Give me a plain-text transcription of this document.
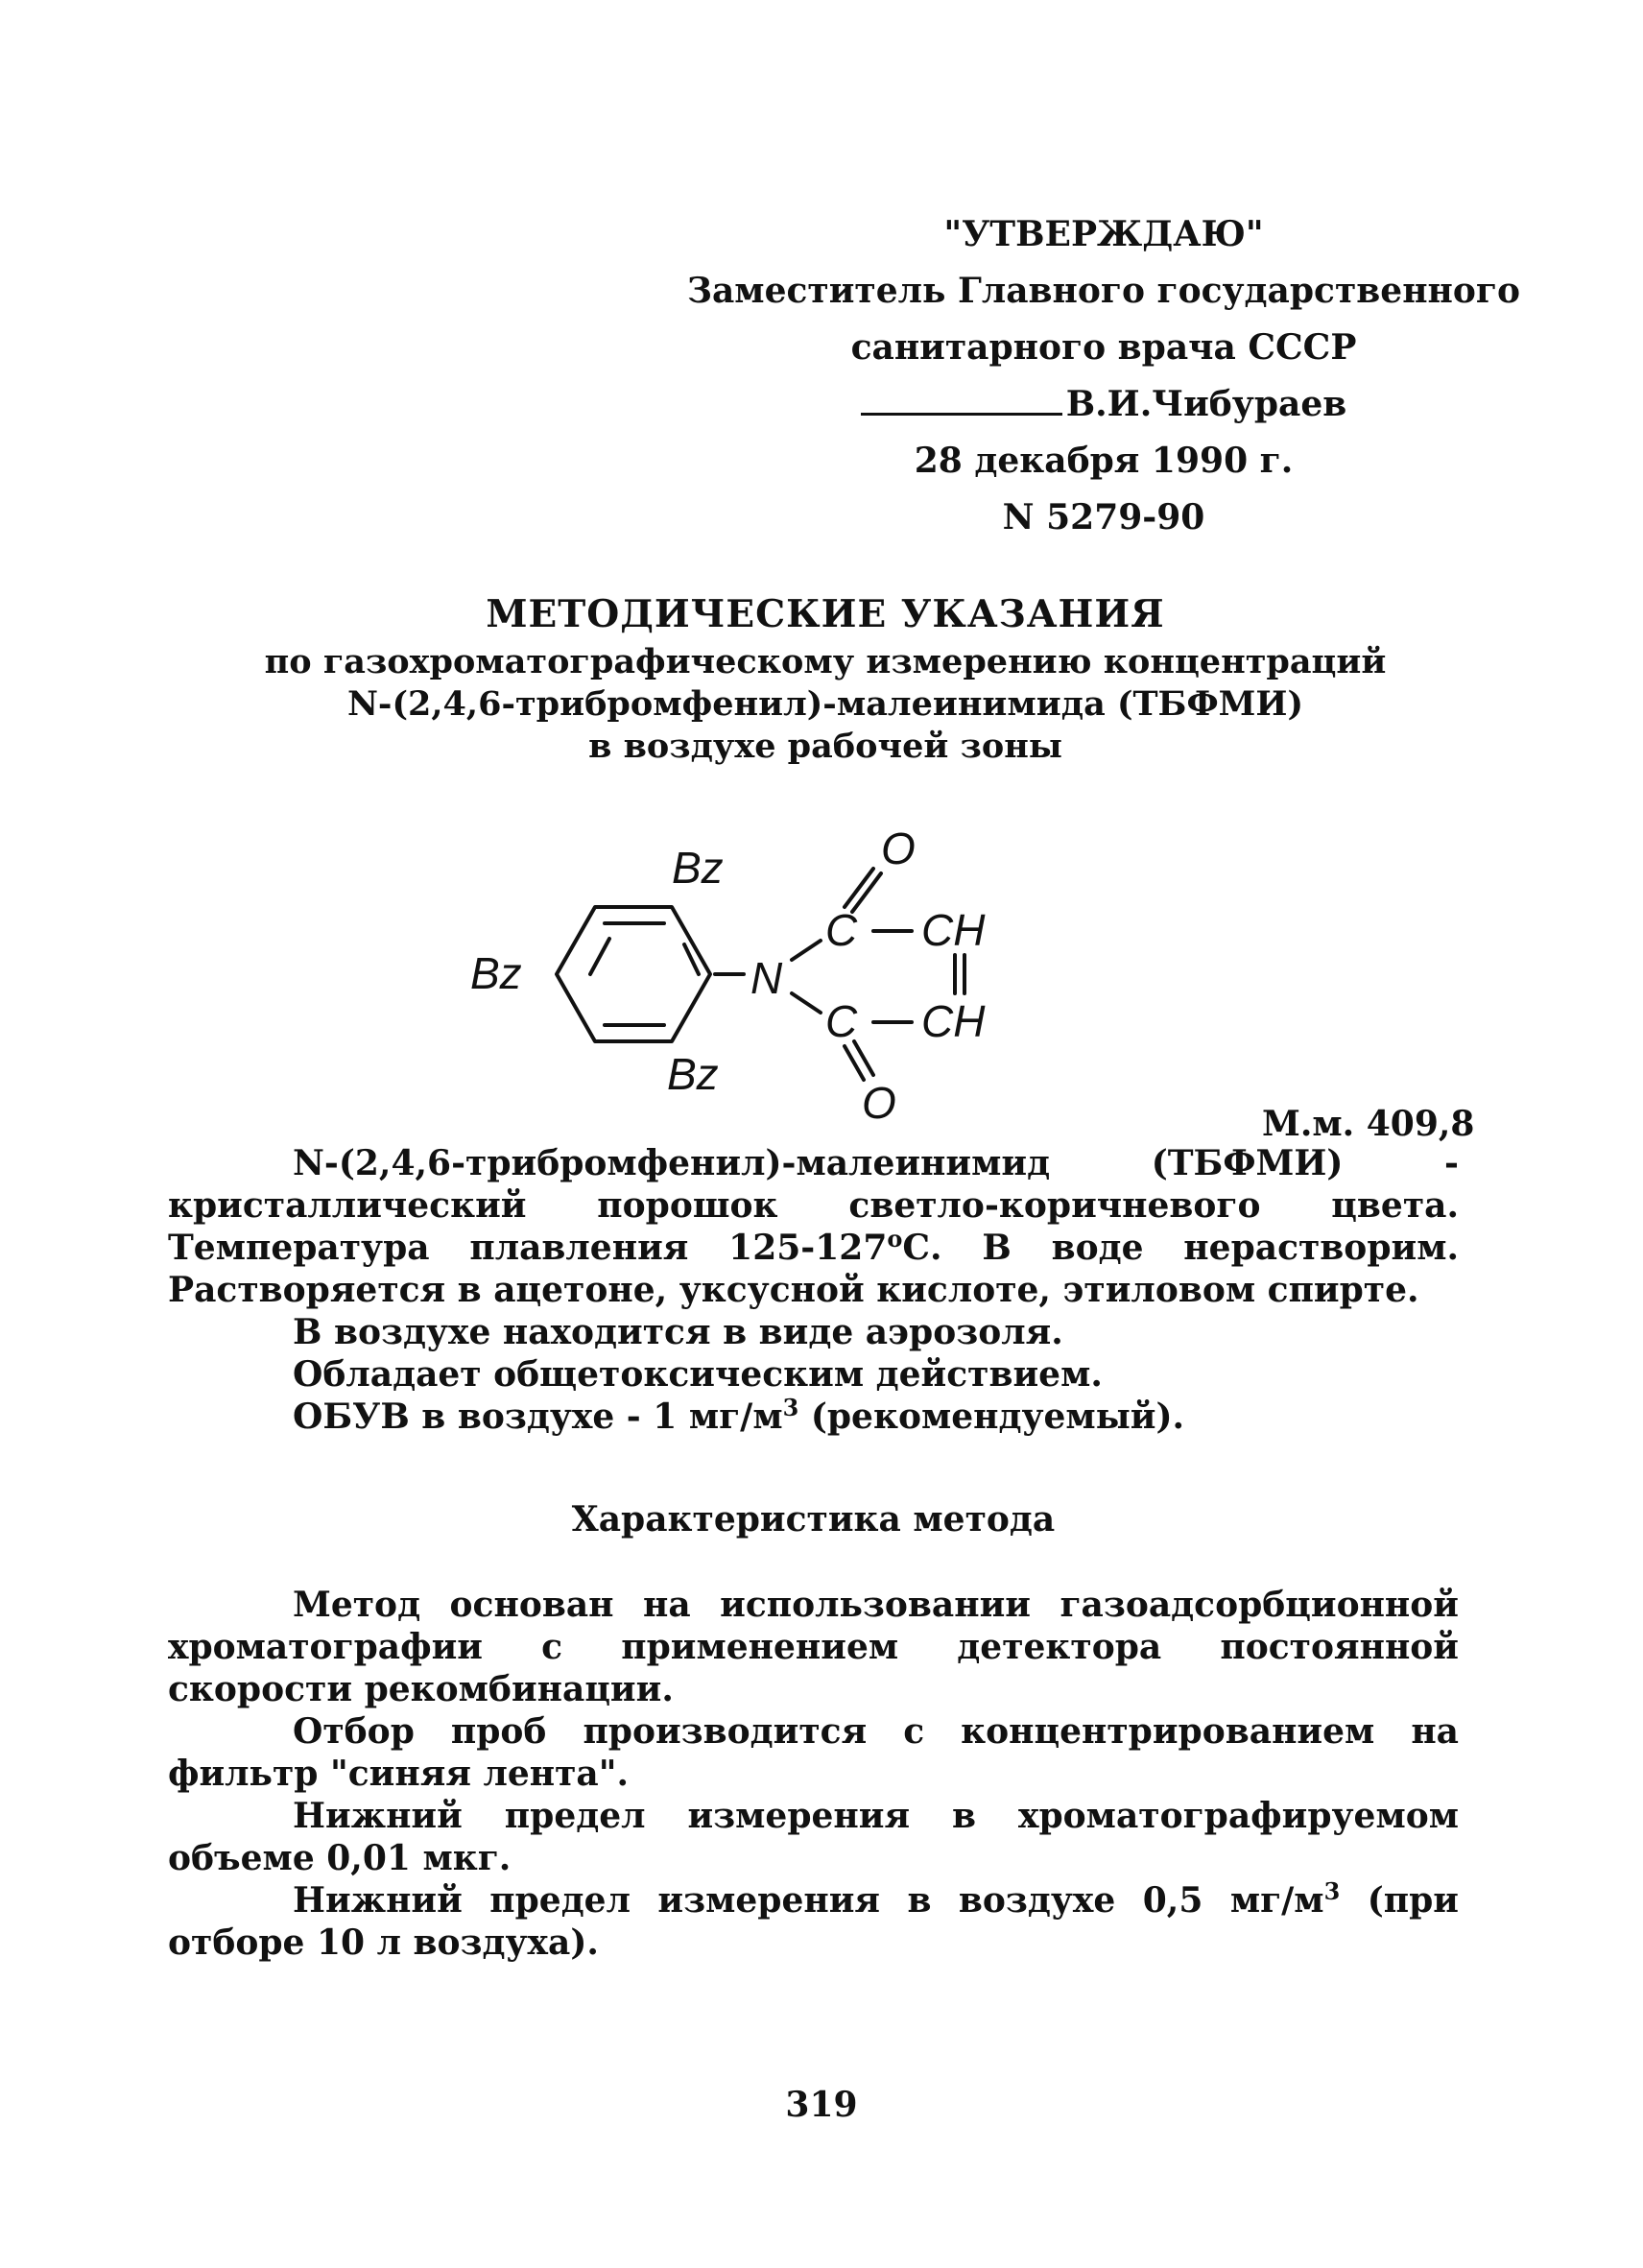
"УТВЕРЖДАЮ"
Заместитель Главного государственного
санитарного врача СССР
В.И.Чибураев
28 декабря 1990 г.
N 5279-90
МЕТОДИЧЕСКИЕ УКАЗАНИЯ
по газохроматографическому измерению концентраций
N-(2,4,6-трибромфенил)-малеинимида (ТБФМИ)
в воздухе рабочей зоны
Bz
Bz
Bz
N
C
C
CH
CH
O
O	М.м. 409,8

N-(2,4,6-трибромфенил)-малеинимид (ТБФМИ) - кристаллический порошок светло-коричневого цвета. Температура плавления $125-127^оС$. В воде нерастворим. Растворяется в ацетоне, уксусной кислоте, этиловом спирте.

В воздухе находится в виде аэрозоля.

Обладает общетоксическим действием.

ОБУВ в воздухе - 1 $мг/м^3$ (рекомендуемый).

Характеристика метода

Метод основан на использовании газоадсорбционной хроматографии с применением детектора постоянной скорости рекомбинации.

Отбор проб производится с концентрированием на фильтр "синяя лента".

Нижний предел измерения в хроматографируемом объеме 0,01 мкг.

Нижний предел измерения в воздухе 0,5 $мг/м^3$ (при отборе 10 л воздуха).

319
